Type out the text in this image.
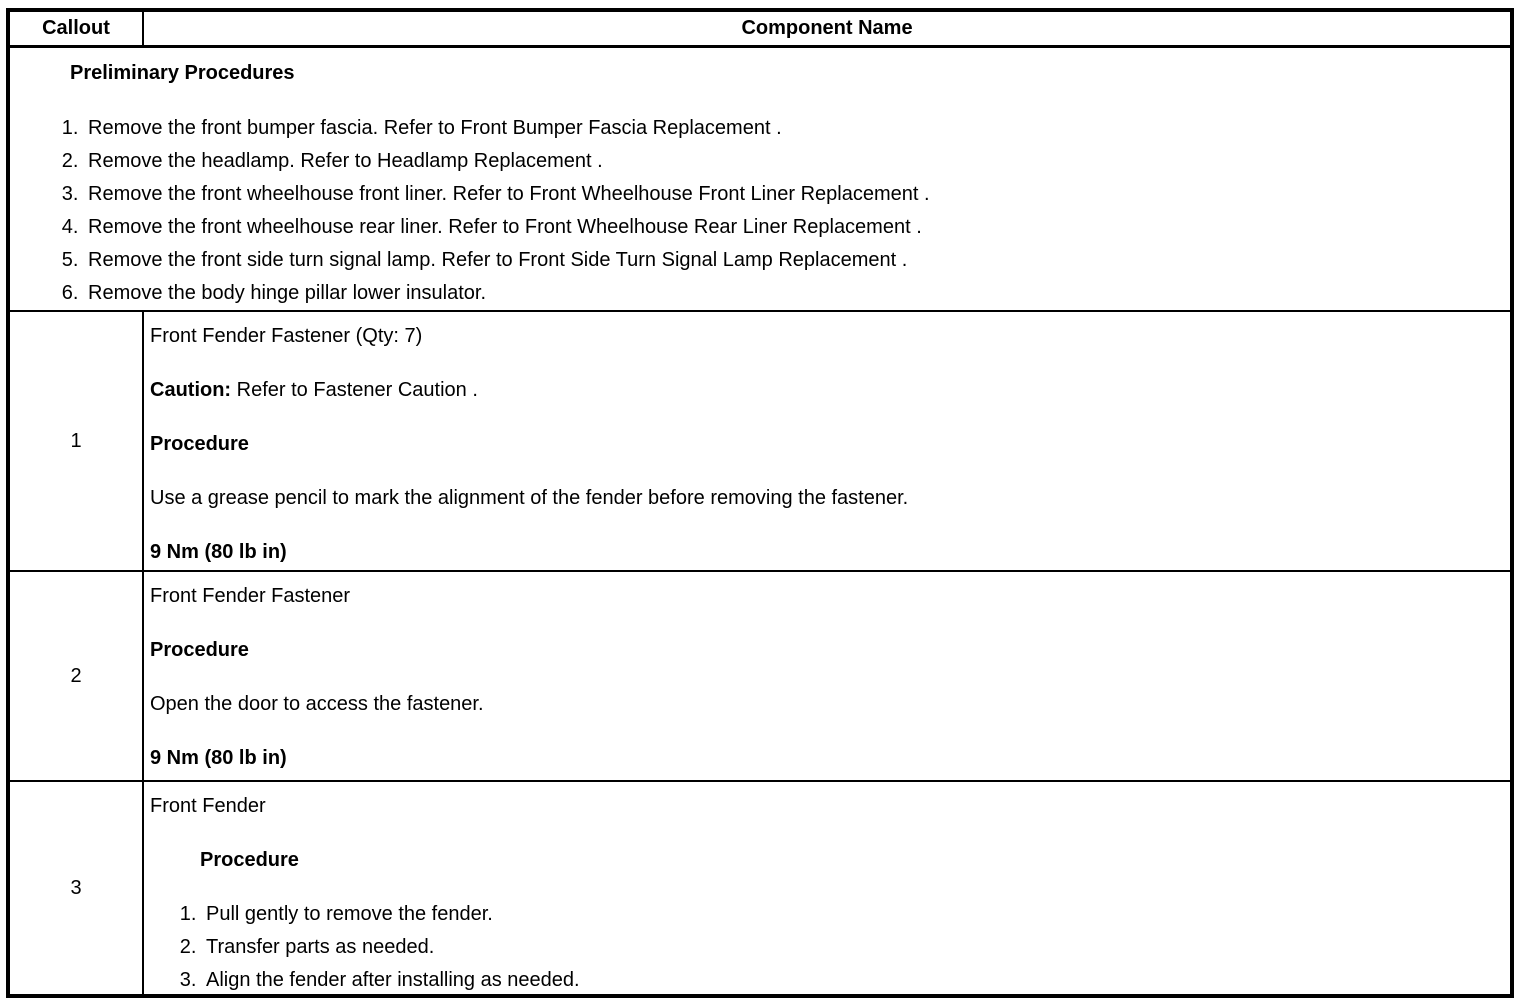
Callout	Component Name

Preliminary Procedures

1. Remove the front bumper fascia. Refer to Front Bumper Fascia Replacement .
2. Remove the headlamp. Refer to Headlamp Replacement .
3. Remove the front wheelhouse front liner. Refer to Front Wheelhouse Front Liner Replacement .
4. Remove the front wheelhouse rear liner. Refer to Front Wheelhouse Rear Liner Replacement .
5. Remove the front side turn signal lamp. Refer to Front Side Turn Signal Lamp Replacement .
6. Remove the body hinge pillar lower insulator.
1

Front Fender Fastener (Qty: 7)

Caution: Refer to Fastener Caution .

Procedure

Use a grease pencil to mark the alignment of the fender before removing the fastener.

9 Nm (80 lb in)

2

Front Fender Fastener

Procedure

Open the door to access the fastener.

9 Nm (80 lb in)

3

Front Fender

Procedure

1. Pull gently to remove the fender.
2. Transfer parts as needed.
3. Align the fender after installing as needed.
